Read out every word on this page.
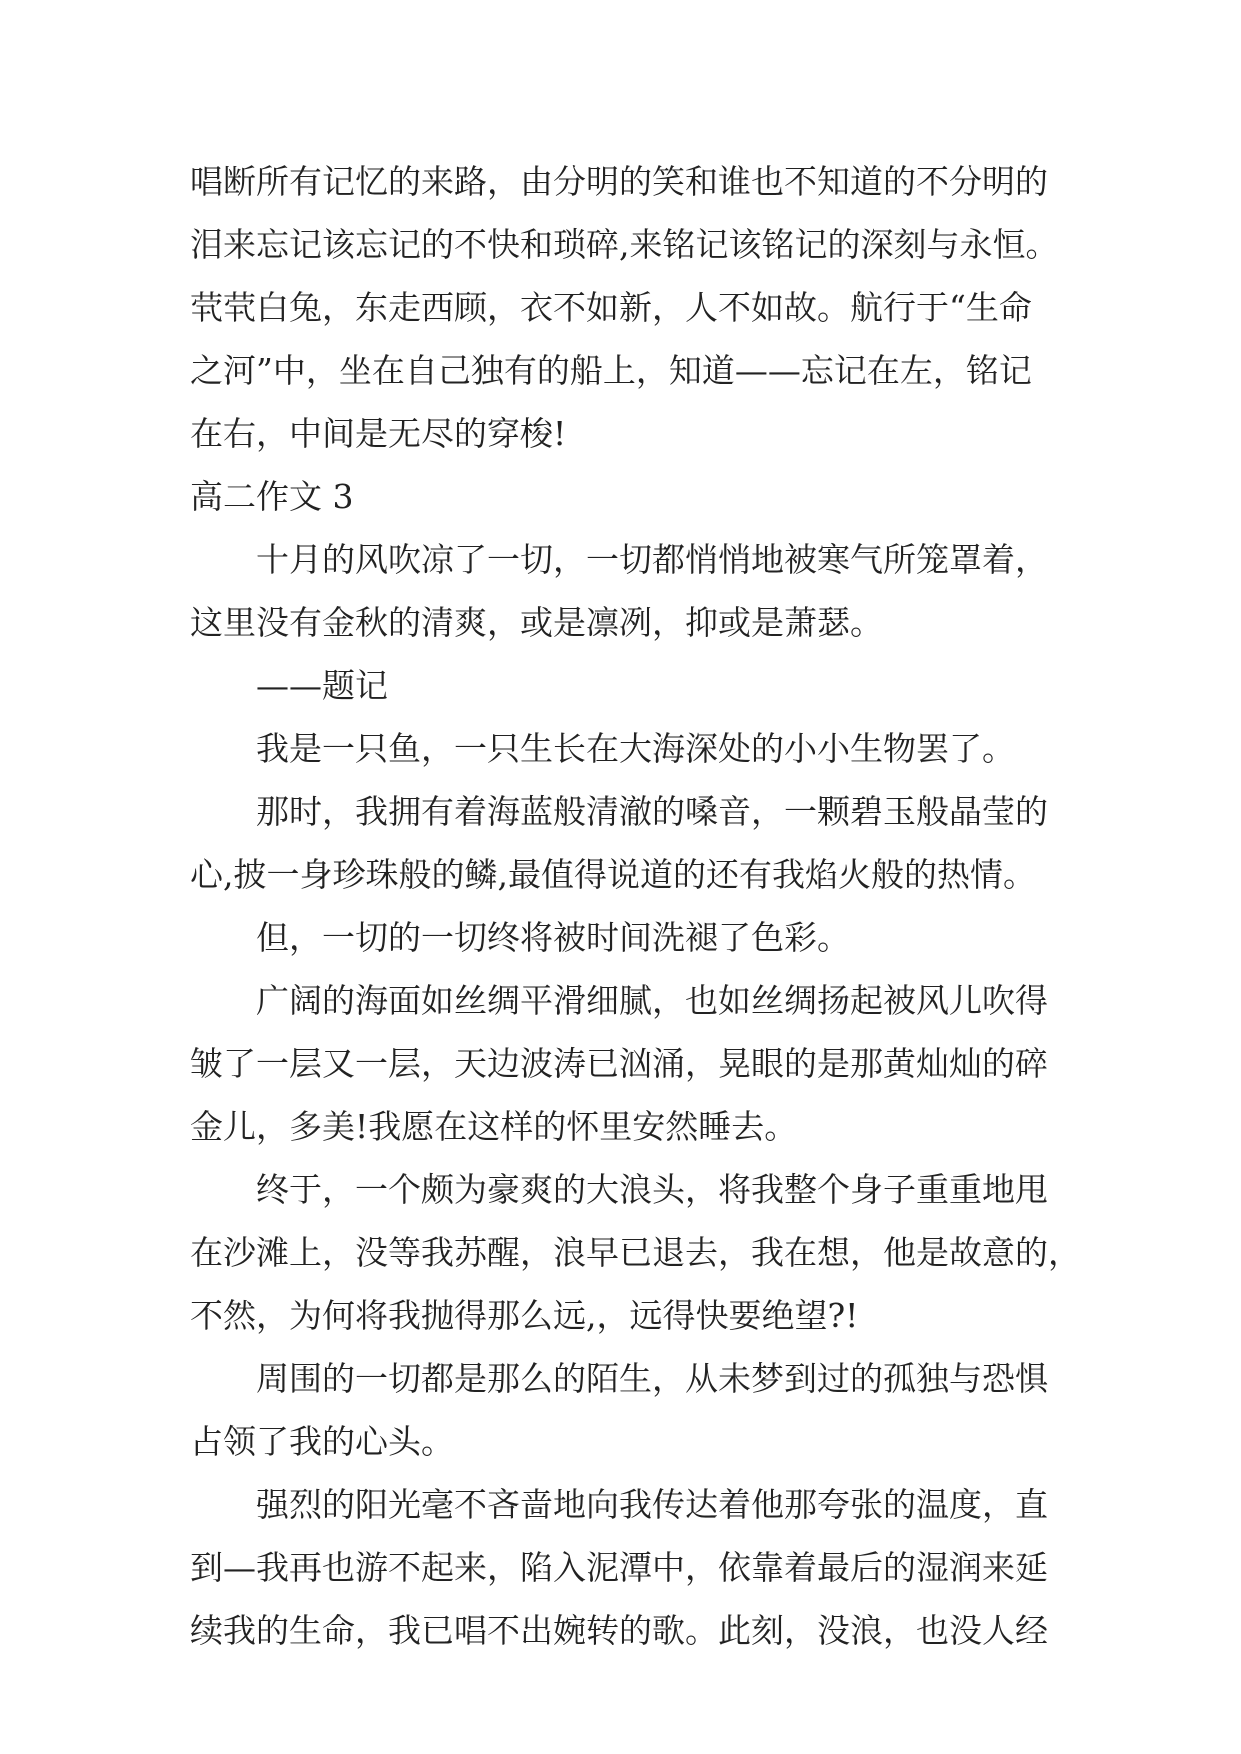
唱断所有记忆的来路，由分明的笑和谁也不知道的不分明的
泪来忘记该忘记的不快和琐碎,来铭记该铭记的深刻与永恒。
茕茕白兔，东走西顾，衣不如新，人不如故。航行于“生命
之河”中，坐在自己独有的船上，知道——忘记在左，铭记
在右，中间是无尽的穿梭!
高二作文 3
十月的风吹凉了一切，一切都悄悄地被寒气所笼罩着，
这里没有金秋的清爽，或是凛冽，抑或是萧瑟。
——题记
我是一只鱼，一只生长在大海深处的小小生物罢了。
那时，我拥有着海蓝般清澈的嗓音，一颗碧玉般晶莹的
心,披一身珍珠般的鳞,最值得说道的还有我焰火般的热情。
但，一切的一切终将被时间洗褪了色彩。
广阔的海面如丝绸平滑细腻，也如丝绸扬起被风儿吹得
皱了一层又一层，天边波涛已汹涌，晃眼的是那黄灿灿的碎
金儿，多美!我愿在这样的怀里安然睡去。
终于，一个颇为豪爽的大浪头，将我整个身子重重地甩
在沙滩上，没等我苏醒，浪早已退去，我在想，他是故意的，
不然，为何将我抛得那么远,，远得快要绝望?!
周围的一切都是那么的陌生，从未梦到过的孤独与恐惧
占领了我的心头。
强烈的阳光毫不吝啬地向我传达着他那夸张的温度，直
到—我再也游不起来，陷入泥潭中，依靠着最后的湿润来延
续我的生命，我已唱不出婉转的歌。此刻，没浪，也没人经
